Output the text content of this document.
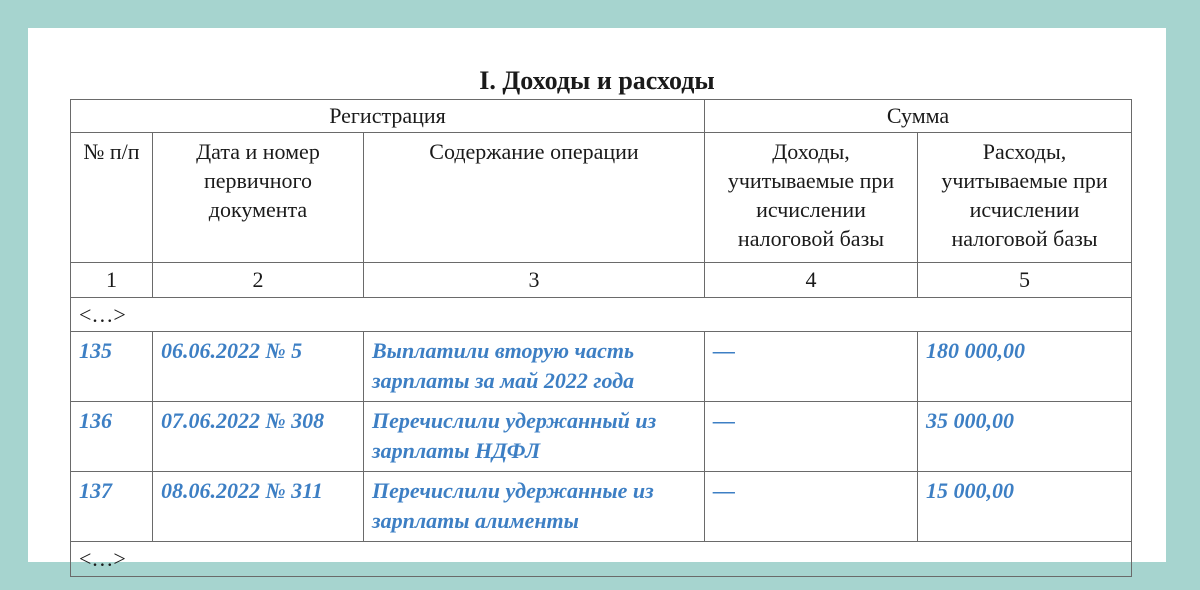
I. Доходы и расходы
Регистрация			Сумма	
№ п/п	Дата и номер первичного документа	Содержание операции	Доходы, учитываемые при исчислении налоговой базы	Расходы, учитываемые при исчислении налоговой базы
1	2	3	4	5
<…>				
135	06.06.2022 № 5	Выплатили вторую часть зарплаты за май 2022 года	—	180 000,00
136	07.06.2022 № 308	Перечислили удержанный из зарплаты НДФЛ	—	35 000,00
137	08.06.2022 № 311	Перечислили удержанные из зарплаты алименты	—	15 000,00
<…>				
